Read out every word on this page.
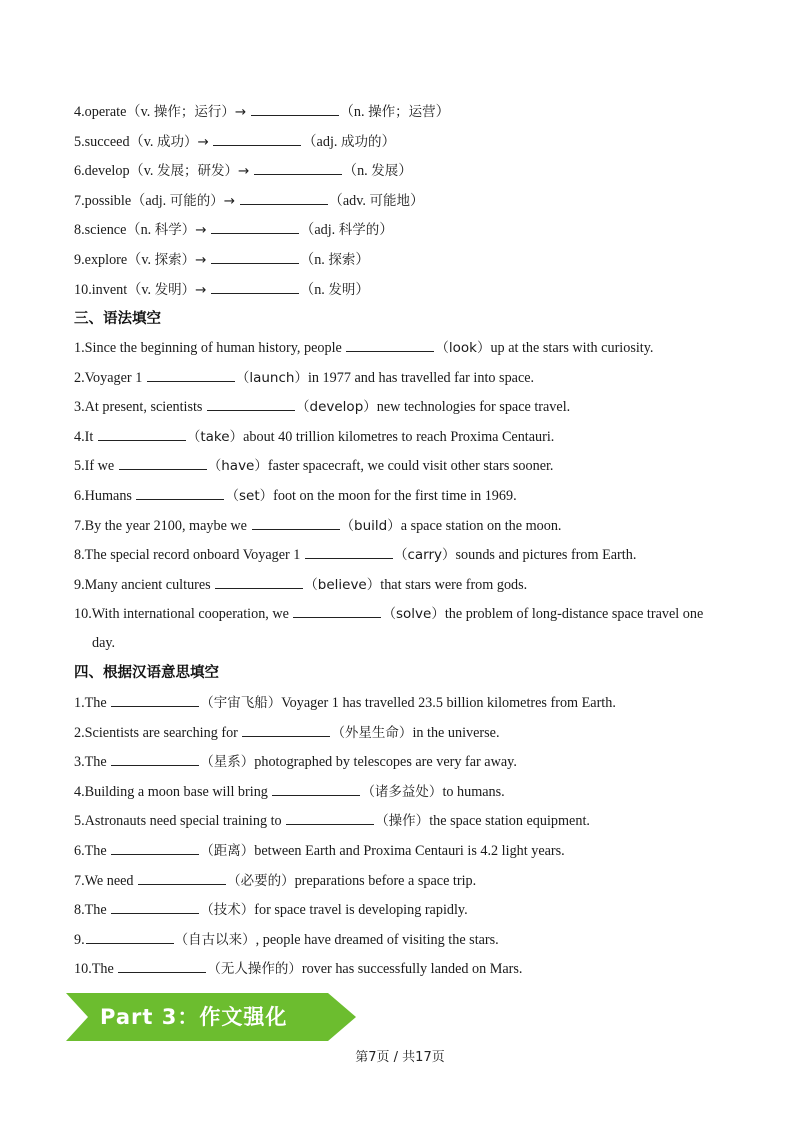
4.operate（v. 操作；运行）→	（n. 操作；运营）
5.succeed（v. 成功）→	（adj. 成功的）
6.develop（v. 发展；研发）→	（n. 发展）
7.possible（adj. 可能的）→	（adv. 可能地）
8.science（n. 科学）→	（adj. 科学的）
9.explore（v. 探索）→	（n. 探索）
10.invent（v. 发明）→	（n. 发明）
三、语法填空
1.Since the beginning of human history, people	（look）up at the stars with curiosity.
2.Voyager 1	（launch）in 1977 and has travelled far into space.
3.At present, scientists	（develop）new technologies for space travel.
4.It	（take）about 40 trillion kilometres to reach Proxima Centauri.
5.If we	（have）faster spacecraft, we could visit other stars sooner.
6.Humans	（set）foot on the moon for the first time in 1969.
7.By the year 2100, maybe we	（build）a space station on the moon.
8.The special record onboard Voyager 1	（carry）sounds and pictures from Earth.
9.Many ancient cultures	（believe）that stars were from gods.
10.With international cooperation, we	（solve）the problem of long-distance space travel one
day.
四、根据汉语意思填空
1.The	（宇宙飞船）Voyager 1 has travelled 23.5 billion kilometres from Earth.
2.Scientists are searching for	（外星生命）in the universe.
3.The	（星系）photographed by telescopes are very far away.
4.Building a moon base will bring	（诸多益处）to humans.
5.Astronauts need special training to	（操作）the space station equipment.
6.The	（距离）between Earth and Proxima Centauri is 4.2 light years.
7.We need	（必要的）preparations before a space trip.
8.The	（技术）for space travel is developing rapidly.
9.	（自古以来）, people have dreamed of visiting the stars.
10.The	（无人操作的）rover has successfully landed on Mars.
Part 3：作文强化
第7页 / 共17页
